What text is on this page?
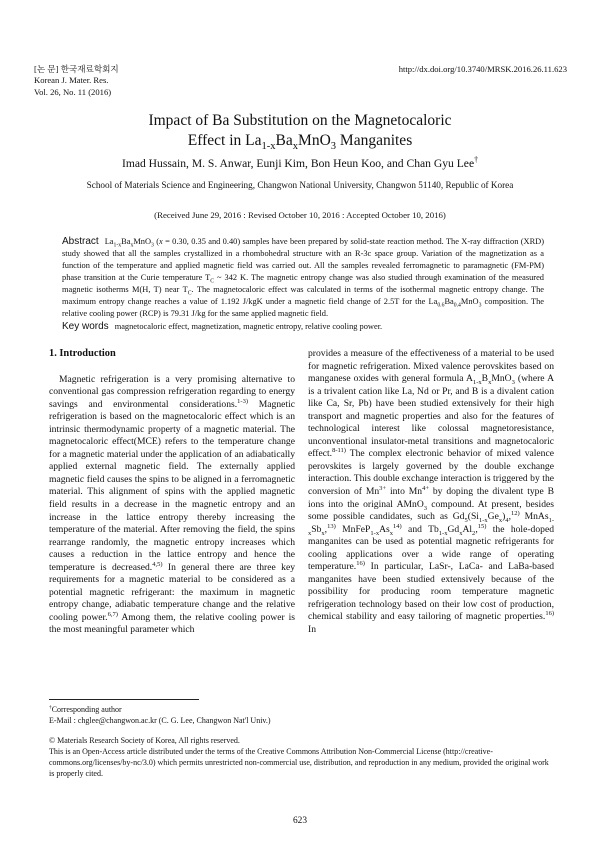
[논 문] 한국재료학회지
Korean J. Mater. Res.
Vol. 26, No. 11 (2016)
http://dx.doi.org/10.3740/MRSK.2016.26.11.623
Impact of Ba Substitution on the Magnetocaloric
Effect in $La_{1-x}Ba_xMnO_3$ Manganites
Imad Hussain, M. S. Anwar, Eunji Kim, Bon Heun Koo, and Chan Gyu Lee†
School of Materials Science and Engineering, Changwon National University, Changwon 51140, Republic of Korea
(Received June 29, 2016 : Revised October 10, 2016 : Accepted October 10, 2016)
Abstract $La_{1-x}Ba_xMnO_3$ (x = 0.30, 0.35 and 0.40) samples have been prepared by solid-state reaction method. The X-ray diffraction (XRD) study showed that all the samples crystallized in a rhombohedral structure with an R-3c space group. Variation of the magnetization as a function of the temperature and applied magnetic field was carried out. All the samples revealed ferromagnetic to paramagnetic (FM-PM) phase transition at the Curie temperature $T_C$ ~ 342 K. The magnetic entropy change was also studied through examination of the measured magnetic isotherms M(H, T) near $T_C$. The magnetocaloric effect was calculated in terms of the isothermal magnetic entropy change. The maximum entropy change reaches a value of 1.192 J/kgK under a magnetic field change of 2.5T for the $La_{0.6}Ba_{0.4}MnO_3$ composition. The relative cooling power (RCP) is 79.31 J/kg for the same applied magnetic field.
Key words magnetocaloric effect, magnetization, magnetic entropy, relative cooling power.
1. Introduction

Magnetic refrigeration is a very promising alternative to conventional gas compression refrigeration regarding to energy savings and environmental considerations.$^{1-3)}$ Magnetic refrigeration is based on the magnetocaloric effect which is an intrinsic thermodynamic property of a magnetic material. The magnetocaloric effect(MCE) refers to the temperature change for a magnetic material under the application of an adiabatically applied external magnetic field. The externally applied magnetic field causes the spins to be aligned in a ferromagnetic material. This alignment of spins with the applied magnetic field results in a decrease in the magnetic entropy and an increase in the lattice entropy thereby increasing the temperature of the material. After removing the field, the spins rearrange randomly, the magnetic entropy increases which causes a reduction in the lattice entropy and hence the temperature is decreased.$^{4,5)}$ In general there are three key requirements for a magnetic material to be considered as a potential magnetic refrigerant: the maximum in magnetic entropy change, adiabatic temperature change and the relative cooling power.$^{6,7)}$ Among them, the relative cooling power is the most meaningful parameter which

provides a measure of the effectiveness of a material to be used for magnetic refrigeration. Mixed valence perovskites based on manganese oxides with general formula $A_{1-x}B_xMnO_3$ (where A is a trivalent cation like La, Nd or Pr, and B is a divalent cation like Ca, Sr, Pb) have been studied extensively for their high transport and magnetic properties and also for the features of technological interest like colossal magnetoresistance, unconventional insulator-metal transitions and magnetocaloric effect.$^{8-11)}$ The complex electronic behavior of mixed valence perovskites is largely governed by the double exchange interaction. This double exchange interaction is triggered by the conversion of $Mn^{3+}$ into $Mn^{4+}$ by doping the divalent type B ions into the original AMnO$_3$ compound. At present, besides some possible candidates, such as $Gd_5(Si_{1-x}Ge_x)_4,^{12)}$ $MnAs_{1-x}Sb_x,^{13)}$ $MnFeP_{1-x}As_x^{14)}$ and $Tb_{1-x}Gd_xAl_2,^{15)}$ the hole-doped manganites can be used as potential magnetic refrigerants for cooling applications over a wide range of operating temperature.$^{16)}$ In particular, LaSr-, LaCa- and LaBa-based manganites have been studied extensively because of the possibility for producing room temperature magnetic refrigeration technology based on their low cost of production, chemical stability and easy tailoring of magnetic properties.$^{16)}$ In

†Corresponding author

E-Mail : chglee@changwon.ac.kr (C. G. Lee, Changwon Nat'l Univ.)

© Materials Research Society of Korea, All rights reserved.

This is an Open-Access article distributed under the terms of the Creative Commons Attribution Non-Commercial License (http://creative-commons.org/licenses/by-nc/3.0) which permits unrestricted non-commercial use, distribution, and reproduction in any medium, provided the original work is properly cited.

623
